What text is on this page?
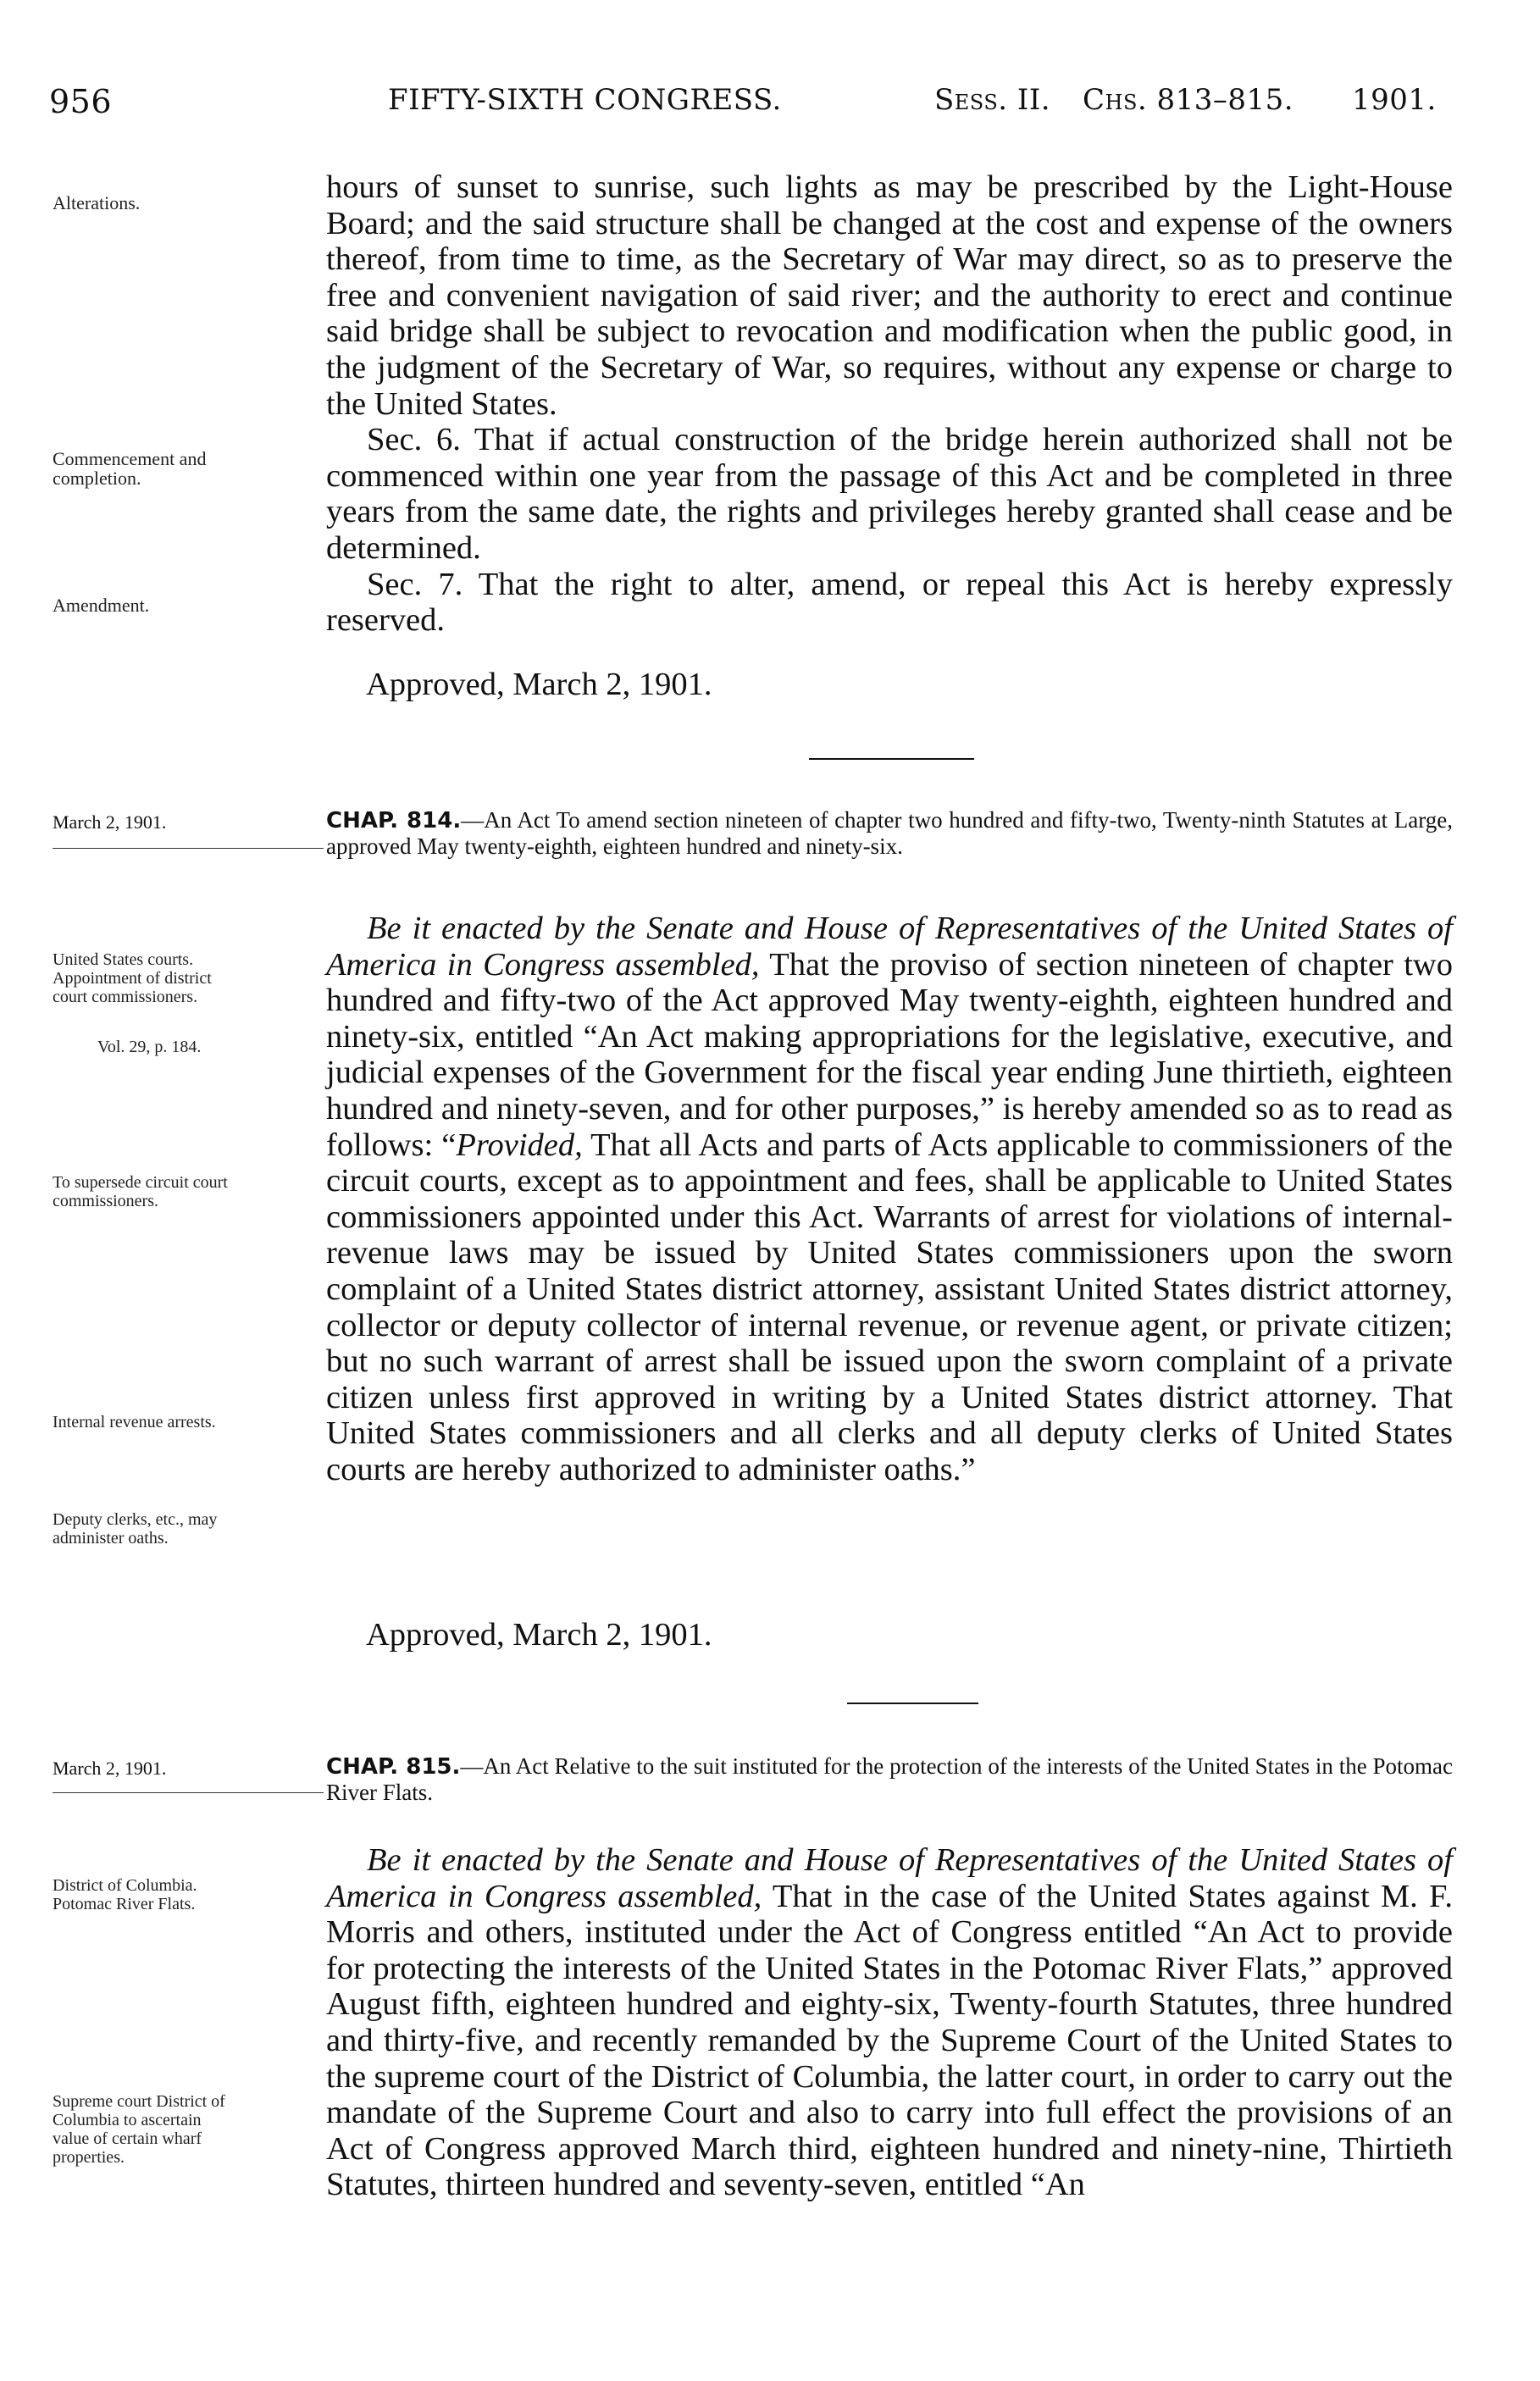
956	FIFTY-SIXTH CONGRESS.	Sess. II. Chs. 813–815. 1901.
Alterations.
Commencement and completion.
Amendment.

hours of sunset to sunrise, such lights as may be prescribed by the Light-House Board; and the said structure shall be changed at the cost and expense of the owners thereof, from time to time, as the Secretary of War may direct, so as to preserve the free and convenient navigation of said river; and the authority to erect and continue said bridge shall be subject to revocation and modification when the public good, in the judgment of the Secretary of War, so requires, without any expense or charge to the United States.

Sec. 6. That if actual construction of the bridge herein authorized shall not be commenced within one year from the passage of this Act and be completed in three years from the same date, the rights and privileges hereby granted shall cease and be determined.

Sec. 7. That the right to alter, amend, or repeal this Act is hereby expressly reserved.

Approved, March 2, 1901.
March 2, 1901.	CHAP. 814.—An Act To amend section nineteen of chapter two hundred and fifty-two, Twenty-ninth Statutes at Large, approved May twenty-eighth, eighteen hundred and ninety-six.
United States courts. Appointment of district court commissioners.
Vol. 29, p. 184.
To supersede circuit court commissioners.
Internal revenue arrests.
Deputy clerks, etc., may administer oaths.

Be it enacted by the Senate and House of Representatives of the United States of America in Congress assembled, That the proviso of section nineteen of chapter two hundred and fifty-two of the Act approved May twenty-eighth, eighteen hundred and ninety-six, entitled “An Act making appropriations for the legislative, executive, and judicial expenses of the Government for the fiscal year ending June thirtieth, eighteen hundred and ninety-seven, and for other purposes,” is hereby amended so as to read as follows: “Provided, That all Acts and parts of Acts applicable to commissioners of the circuit courts, except as to appointment and fees, shall be applicable to United States commissioners appointed under this Act. Warrants of arrest for violations of internal-revenue laws may be issued by United States commissioners upon the sworn complaint of a United States district attorney, assistant United States district attorney, collector or deputy collector of internal revenue, or revenue agent, or private citizen; but no such warrant of arrest shall be issued upon the sworn complaint of a private citizen unless first approved in writing by a United States district attorney. That United States commissioners and all clerks and all deputy clerks of United States courts are hereby authorized to administer oaths.”

Approved, March 2, 1901.
March 2, 1901.	CHAP. 815.—An Act Relative to the suit instituted for the protection of the interests of the United States in the Potomac River Flats.
District of Columbia. Potomac River Flats.
Supreme court District of Columbia to ascertain value of certain wharf properties.

Be it enacted by the Senate and House of Representatives of the United States of America in Congress assembled, That in the case of the United States against M. F. Morris and others, instituted under the Act of Congress entitled “An Act to provide for protecting the interests of the United States in the Potomac River Flats,” approved August fifth, eighteen hundred and eighty-six, Twenty-fourth Statutes, three hundred and thirty-five, and recently remanded by the Supreme Court of the United States to the supreme court of the District of Columbia, the latter court, in order to carry out the mandate of the Supreme Court and also to carry into full effect the provisions of an Act of Congress approved March third, eighteen hundred and ninety-nine, Thirtieth Statutes, thirteen hundred and seventy-seven, entitled “An
